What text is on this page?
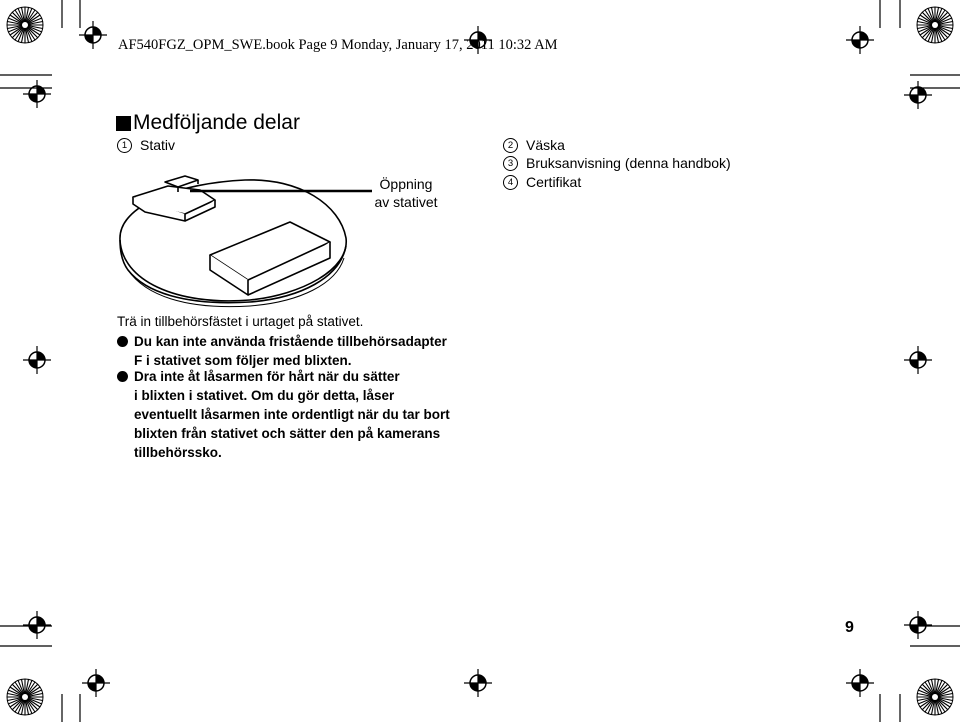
AF540FGZ_OPM_SWE.book Page 9 Monday, January 17, 2011 10:32 AM
Medföljande delar
1 Stativ	2 Väska
3 Bruksanvisning (denna handbok)
4 Certifikat
Öppning
av stativet
Trä in tillbehörsfästet i urtaget på stativet.
Du kan inte använda fristående tillbehörsadapter
F i stativet som följer med blixten.
Dra inte åt låsarmen för hårt när du sätter
i blixten i stativet. Om du gör detta, låser
eventuellt låsarmen inte ordentligt när du tar bort
blixten från stativet och sätter den på kamerans
tillbehörssko.
9
